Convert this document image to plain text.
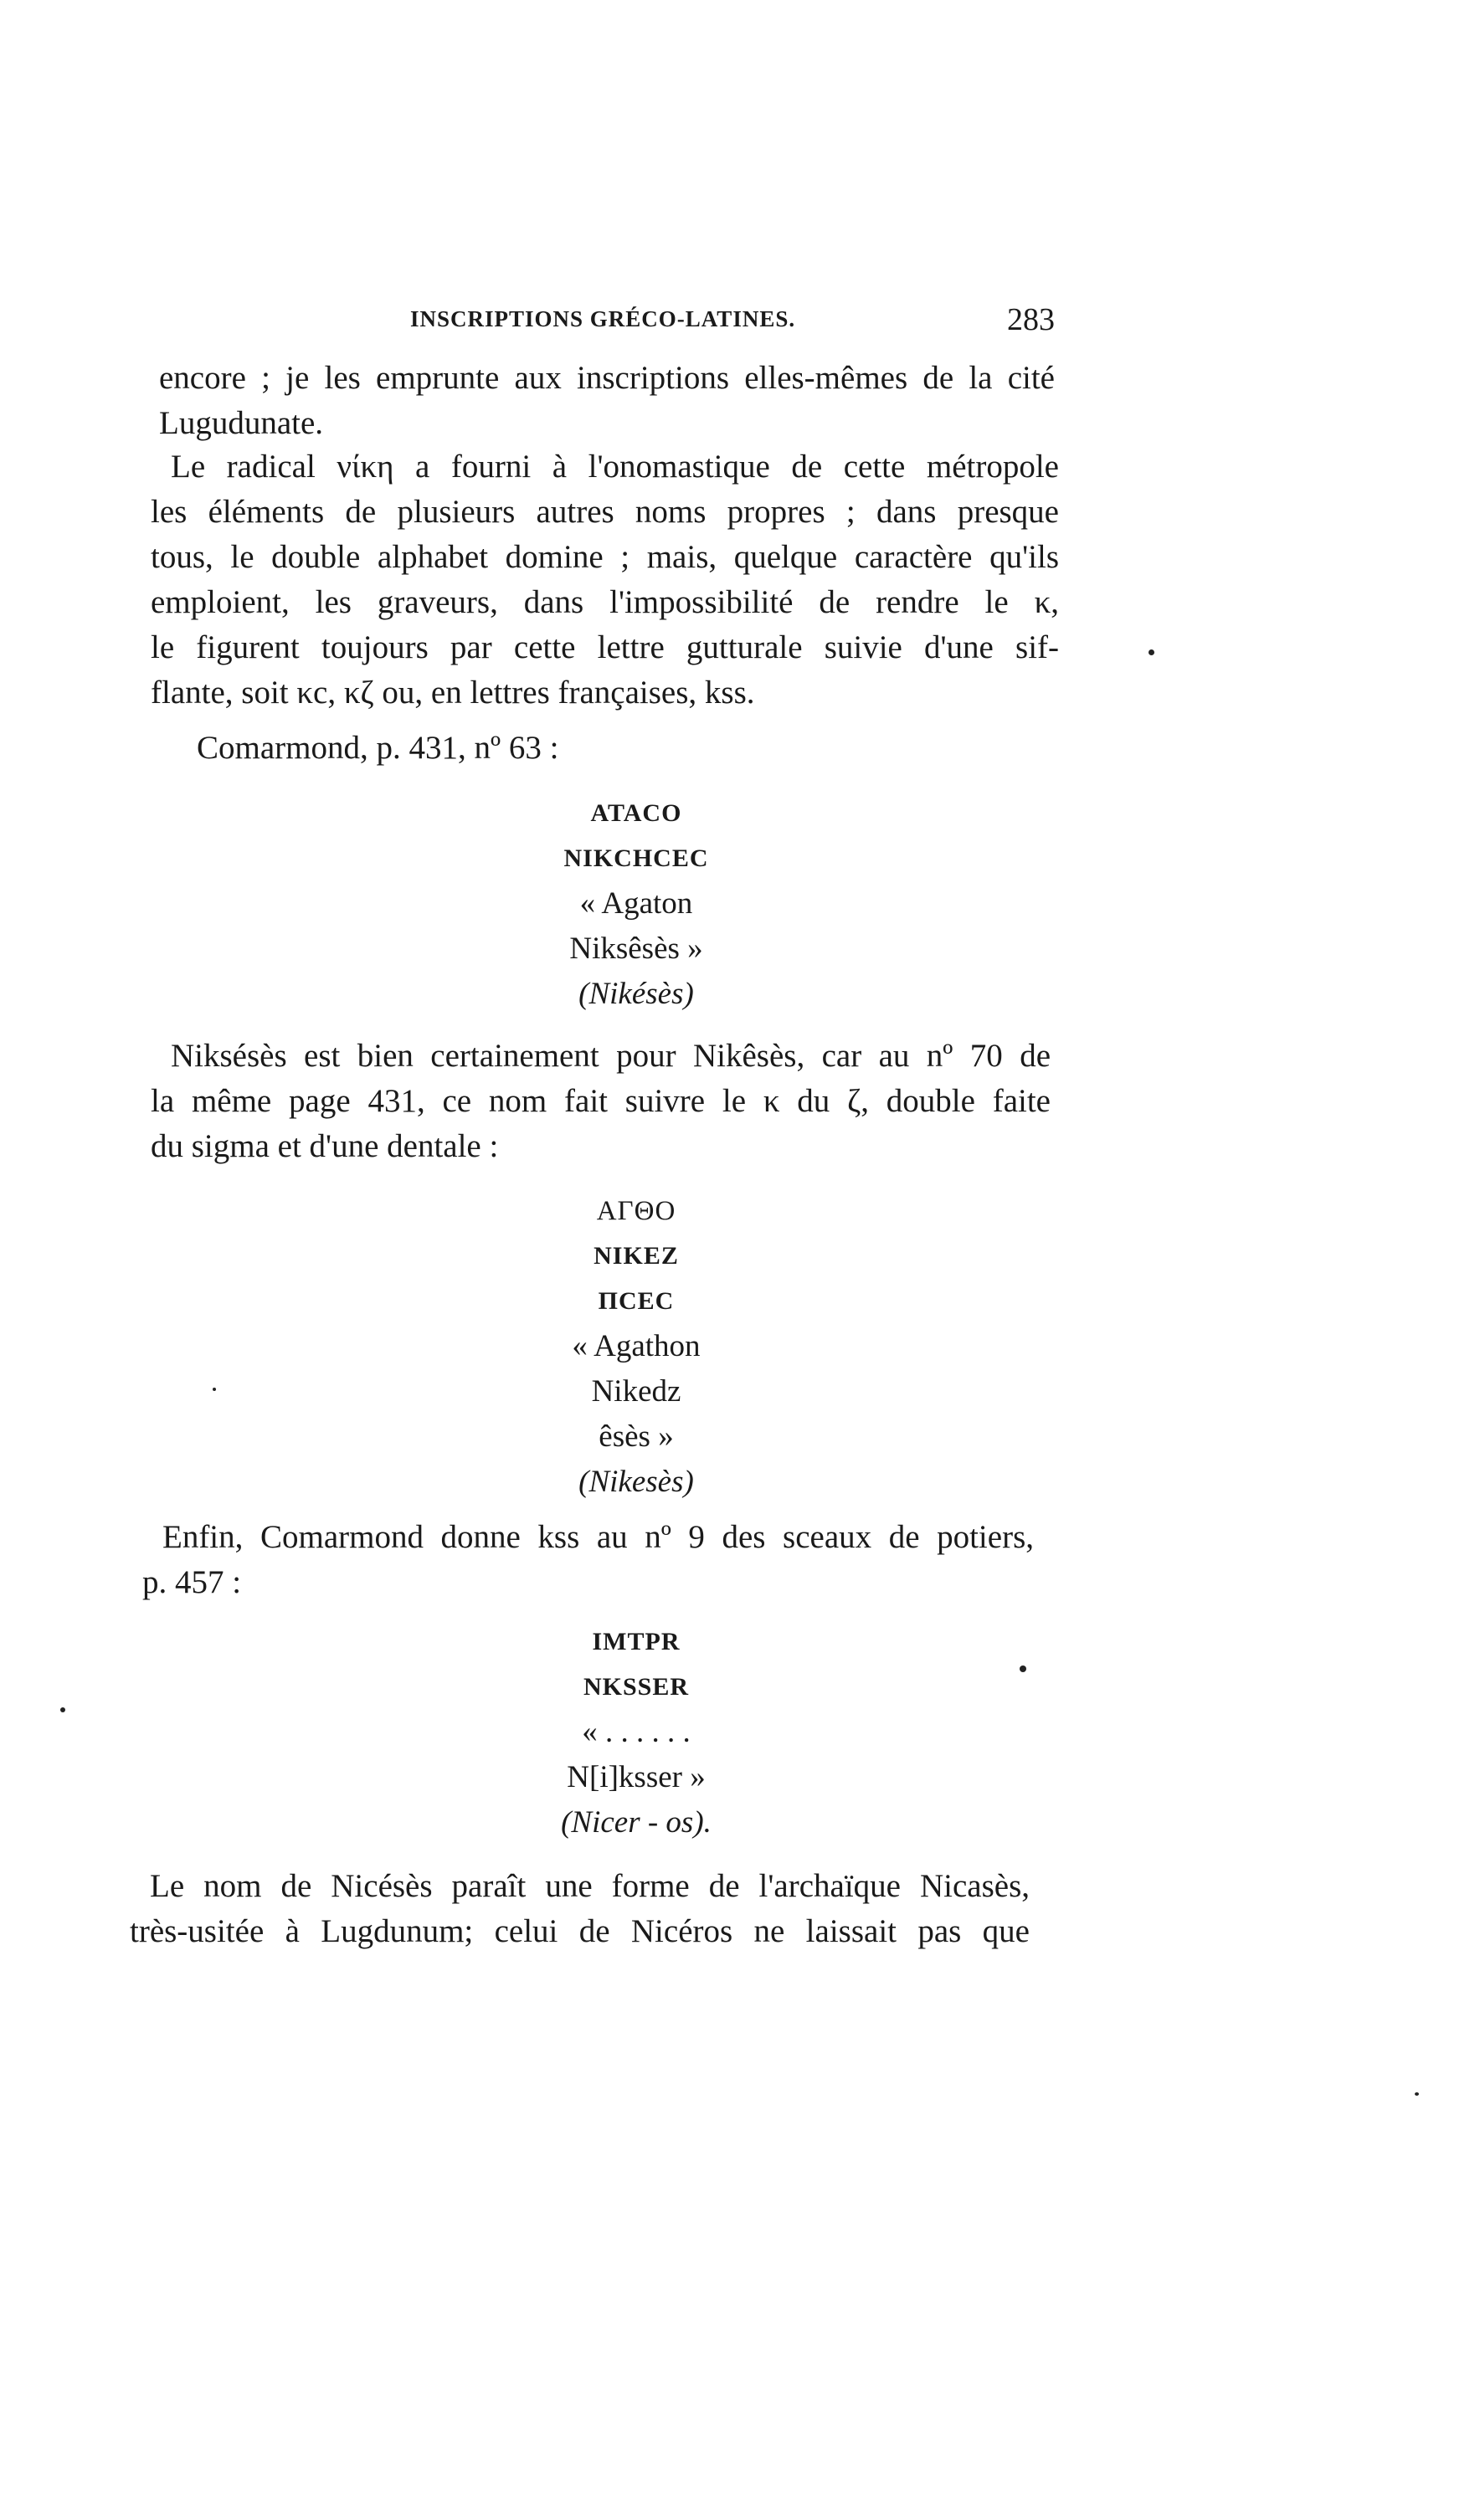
INSCRIPTIONS GRÉCO-LATINES.	283
encore ; je les emprunte aux inscriptions elles-mêmes de la cité
Lugudunate.
Le radical νίκη a fourni à l'onomastique de cette métropole
les éléments de plusieurs autres noms propres ; dans presque
tous, le double alphabet domine ; mais, quelque caractère qu'ils
emploient, les graveurs, dans l'impossibilité de rendre le κ,
le figurent toujours par cette lettre gutturale suivie d'une sif-
flante, soit κc, κζ ou, en lettres françaises, kss.
Comarmond, p. 431, nº 63 :
ATACO
NIKCHCEC
« Agaton
Niksêsès »
(Nikésès)
Niksésès est bien certainement pour Nikêsès, car au nº 70 de
la même page 431, ce nom fait suivre le κ du ζ, double faite
du sigma et d'une dentale :
ΑΓΘΟ
NIKEZ
ΠCEC
« Agathon
Nikedz
êsès »
(Nikesès)
Enfin, Comarmond donne kss au nº 9 des sceaux de potiers,
p. 457 :
IMTPR
NKSSER
« . . . . . .
N[i]ksser »
(Nicer - os).
Le nom de Nicésès paraît une forme de l'archaïque Nicasès,
très-usitée à Lugdunum; celui de Nicéros ne laissait pas que
